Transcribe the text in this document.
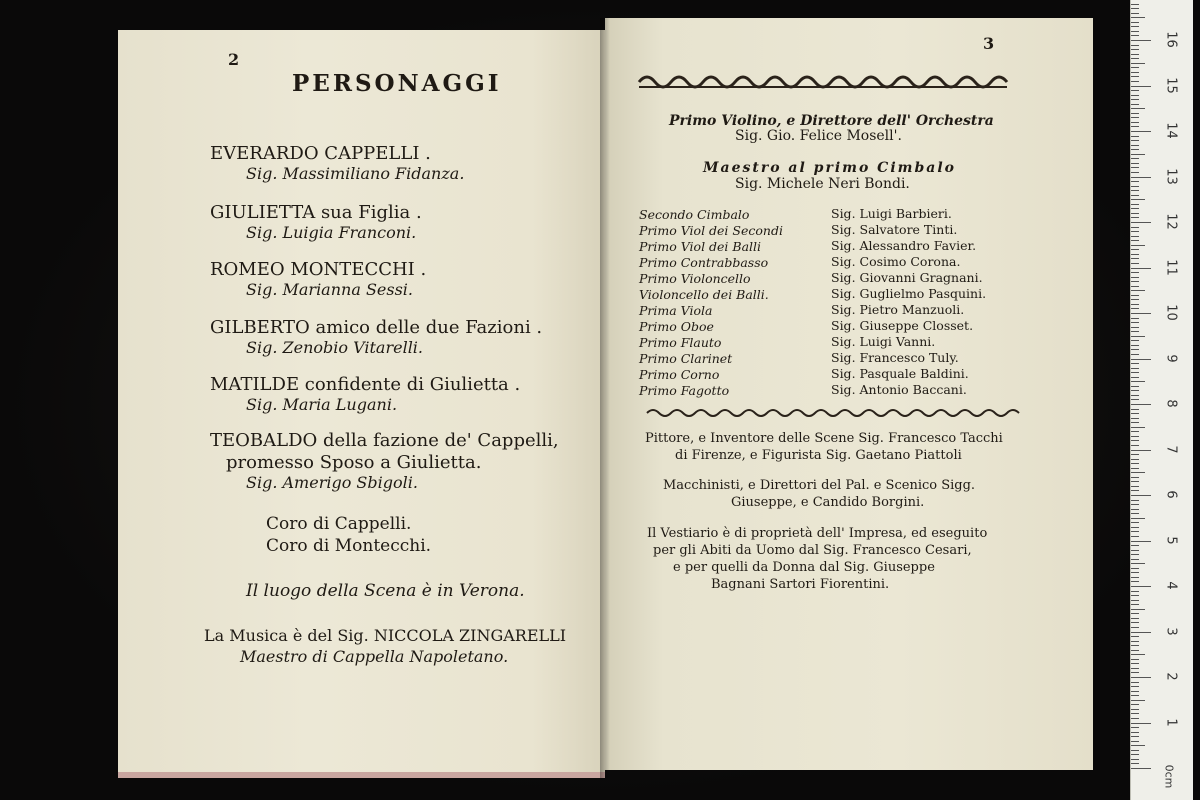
2
PERSONAGGI
EVERARDO CAPPELLI .
Sig. Massimiliano Fidanza.
GIULIETTA sua Figlia .
Sig. Luigia Franconi.
ROMEO MONTECCHI .
Sig. Marianna Sessi.
GILBERTO amico delle due Fazioni .
Sig. Zenobio Vitarelli.
MATILDE confidente di Giulietta .
Sig. Maria Lugani.
TEOBALDO della fazione de' Cappelli,
promesso Sposo a Giulietta.
Sig. Amerigo Sbigoli.
Coro di Cappelli.
Coro di Montecchi.
Il luogo della Scena è in Verona.
La Musica è del Sig. NICCOLA ZINGARELLI
Maestro di Cappella Napoletano.
3
Primo Violino, e Direttore dell' Orchestra
Sig. Gio. Felice Mosell'.
Maestro al primo Cimbalo
Sig. Michele Neri Bondi.
Secondo Cimbalo	Sig. Luigi Barbieri.
Primo Viol dei Secondi	Sig. Salvatore Tinti.
Primo Viol dei Balli	Sig. Alessandro Favier.
Primo Contrabbasso	Sig. Cosimo Corona.
Primo Violoncello	Sig. Giovanni Gragnani.
Violoncello dei Balli.	Sig. Guglielmo Pasquini.
Prima Viola	Sig. Pietro Manzuoli.
Primo Oboe	Sig. Giuseppe Closset.
Primo Flauto	Sig. Luigi Vanni.
Primo Clarinet	Sig. Francesco Tuly.
Primo Corno	Sig. Pasquale Baldini.
Primo Fagotto	Sig. Antonio Baccani.
Pittore, e Inventore delle Scene Sig. Francesco Tacchi
di Firenze, e Figurista Sig. Gaetano Piattoli
Macchinisti, e Direttori del Pal. e Scenico Sigg.
Giuseppe, e Candido Borgini.
Il Vestiario è di proprietà dell' Impresa, ed eseguito
per gli Abiti da Uomo dal Sig. Francesco Cesari,
e per quelli da Donna dal Sig. Giuseppe
Bagnani Sartori Fiorentini.
0cm
1
2
3
4
5
6
7
8
9
10
11
12
13
14
15
16
